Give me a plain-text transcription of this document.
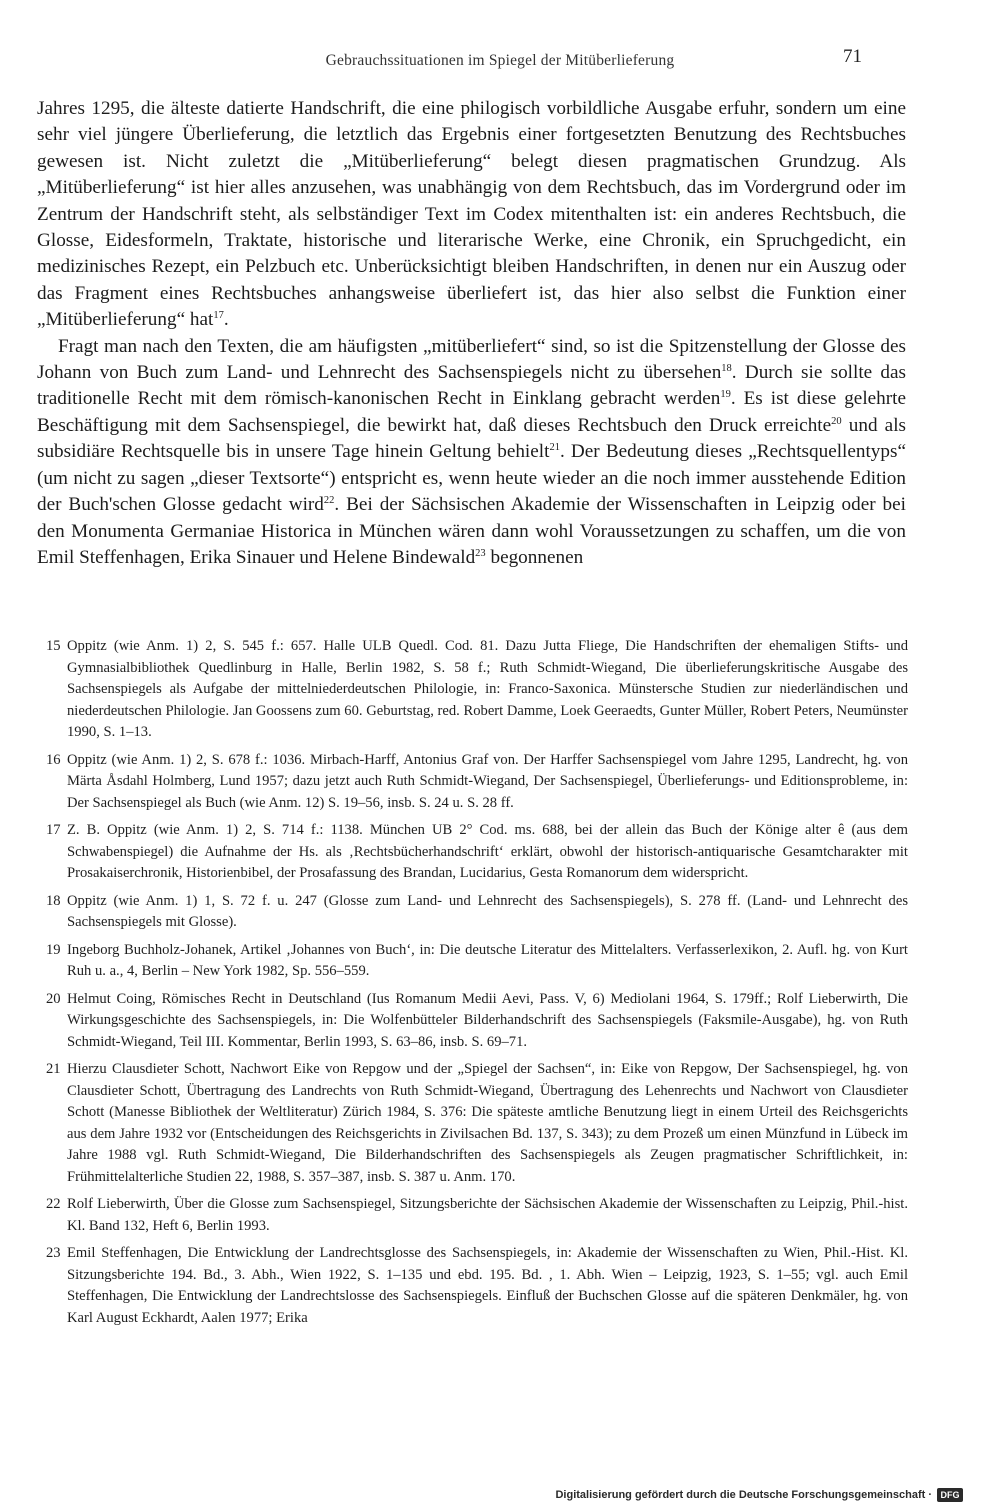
Gebrauchssituationen im Spiegel der Mitüberlieferung	71

Jahres 1295, die älteste datierte Handschrift, die eine philogisch vorbildliche Ausgabe erfuhr, sondern um eine sehr viel jüngere Überlieferung, die letztlich das Ergebnis einer fortgesetzten Benutzung des Rechtsbuches gewesen ist. Nicht zuletzt die „Mitüberlieferung“ belegt diesen pragmatischen Grundzug. Als „Mitüberlieferung“ ist hier alles anzusehen, was unabhängig von dem Rechtsbuch, das im Vordergrund oder im Zentrum der Handschrift steht, als selbständiger Text im Codex mitenthalten ist: ein anderes Rechtsbuch, die Glosse, Eidesformeln, Traktate, historische und literarische Werke, eine Chronik, ein Spruchgedicht, ein medizinisches Rezept, ein Pelzbuch etc. Unberücksichtigt bleiben Handschriften, in denen nur ein Auszug oder das Fragment eines Rechtsbuches anhangsweise überliefert ist, das hier also selbst die Funktion einer „Mitüberlieferung“ hat$^{17}$.

Fragt man nach den Texten, die am häufigsten „mitüberliefert“ sind, so ist die Spitzenstellung der Glosse des Johann von Buch zum Land- und Lehnrecht des Sachsenspiegels nicht zu übersehen$^{18}$. Durch sie sollte das traditionelle Recht mit dem römisch-kanonischen Recht in Einklang gebracht werden$^{19}$. Es ist diese gelehrte Beschäftigung mit dem Sachsenspiegel, die bewirkt hat, daß dieses Rechtsbuch den Druck erreichte$^{20}$ und als subsidiäre Rechtsquelle bis in unsere Tage hinein Geltung behielt$^{21}$. Der Bedeutung dieses „Rechtsquellentyps“ (um nicht zu sagen „dieser Textsorte“) entspricht es, wenn heute wieder an die noch immer ausstehende Edition der Buch'schen Glosse gedacht wird$^{22}$. Bei der Sächsischen Akademie der Wissenschaften in Leipzig oder bei den Monumenta Germaniae Historica in München wären dann wohl Voraussetzungen zu schaffen, um die von Emil Steffenhagen, Erika Sinauer und Helene Bindewald$^{23}$ begonnenen

15 Oppitz (wie Anm. 1) 2, S. 545 f.: 657. Halle ULB Quedl. Cod. 81. Dazu Jutta Fliege, Die Handschriften der ehemaligen Stifts- und Gymnasialbibliothek Quedlinburg in Halle, Berlin 1982, S. 58 f.; Ruth Schmidt-Wiegand, Die überlieferungskritische Ausgabe des Sachsenspiegels als Aufgabe der mittelniederdeutschen Philologie, in: Franco-Saxonica. Münstersche Studien zur niederländischen und niederdeutschen Philologie. Jan Goossens zum 60. Geburtstag, red. Robert Damme, Loek Geeraedts, Gunter Müller, Robert Peters, Neumünster 1990, S. 1–13.
16 Oppitz (wie Anm. 1) 2, S. 678 f.: 1036. Mirbach-Harff, Antonius Graf von. Der Harffer Sachsenspiegel vom Jahre 1295, Landrecht, hg. von Märta Åsdahl Holmberg, Lund 1957; dazu jetzt auch Ruth Schmidt-Wiegand, Der Sachsenspiegel, Überlieferungs- und Editionsprobleme, in: Der Sachsenspiegel als Buch (wie Anm. 12) S. 19–56, insb. S. 24 u. S. 28 ff.
17 Z. B. Oppitz (wie Anm. 1) 2, S. 714 f.: 1138. München UB 2° Cod. ms. 688, bei der allein das Buch der Könige alter ê (aus dem Schwabenspiegel) die Aufnahme der Hs. als ‚Rechtsbücherhandschrift‘ erklärt, obwohl der historisch-antiquarische Gesamtcharakter mit Prosakaiserchronik, Historienbibel, der Prosafassung des Brandan, Lucidarius, Gesta Romanorum dem widerspricht.
18 Oppitz (wie Anm. 1) 1, S. 72 f. u. 247 (Glosse zum Land- und Lehnrecht des Sachsenspiegels), S. 278 ff. (Land- und Lehnrecht des Sachsenspiegels mit Glosse).
19 Ingeborg Buchholz-Johanek, Artikel ‚Johannes von Buch‘, in: Die deutsche Literatur des Mittelalters. Verfasserlexikon, 2. Aufl. hg. von Kurt Ruh u. a., 4, Berlin – New York 1982, Sp. 556–559.
20 Helmut Coing, Römisches Recht in Deutschland (Ius Romanum Medii Aevi, Pass. V, 6) Mediolani 1964, S. 179ff.; Rolf Lieberwirth, Die Wirkungsgeschichte des Sachsenspiegels, in: Die Wolfenbütteler Bilderhandschrift des Sachsenspiegels (Faksmile-Ausgabe), hg. von Ruth Schmidt-Wiegand, Teil III. Kommentar, Berlin 1993, S. 63–86, insb. S. 69–71.
21 Hierzu Clausdieter Schott, Nachwort Eike von Repgow und der „Spiegel der Sachsen“, in: Eike von Repgow, Der Sachsenspiegel, hg. von Clausdieter Schott, Übertragung des Landrechts von Ruth Schmidt-Wiegand, Übertragung des Lehenrechts und Nachwort von Clausdieter Schott (Manesse Bibliothek der Weltliteratur) Zürich 1984, S. 376: Die späteste amtliche Benutzung liegt in einem Urteil des Reichsgerichts aus dem Jahre 1932 vor (Entscheidungen des Reichsgerichts in Zivilsachen Bd. 137, S. 343); zu dem Prozeß um einen Münzfund in Lübeck im Jahre 1988 vgl. Ruth Schmidt-Wiegand, Die Bilderhandschriften des Sachsenspiegels als Zeugen pragmatischer Schriftlichkeit, in: Frühmittelalterliche Studien 22, 1988, S. 357–387, insb. S. 387 u. Anm. 170.
22 Rolf Lieberwirth, Über die Glosse zum Sachsenspiegel, Sitzungsberichte der Sächsischen Akademie der Wissenschaften zu Leipzig, Phil.-hist. Kl. Band 132, Heft 6, Berlin 1993.
23 Emil Steffenhagen, Die Entwicklung der Landrechtsglosse des Sachsenspiegels, in: Akademie der Wissenschaften zu Wien, Phil.-Hist. Kl. Sitzungsberichte 194. Bd., 3. Abh., Wien 1922, S. 1–135 und ebd. 195. Bd. , 1. Abh. Wien – Leipzig, 1923, S. 1–55; vgl. auch Emil Steffenhagen, Die Entwicklung der Landrechtslosse des Sachsenspiegels. Einfluß der Buchschen Glosse auf die späteren Denkmäler, hg. von Karl August Eckhardt, Aalen 1977; Erika
Digitalisierung gefördert durch die Deutsche Forschungsgemeinschaft · DFG
